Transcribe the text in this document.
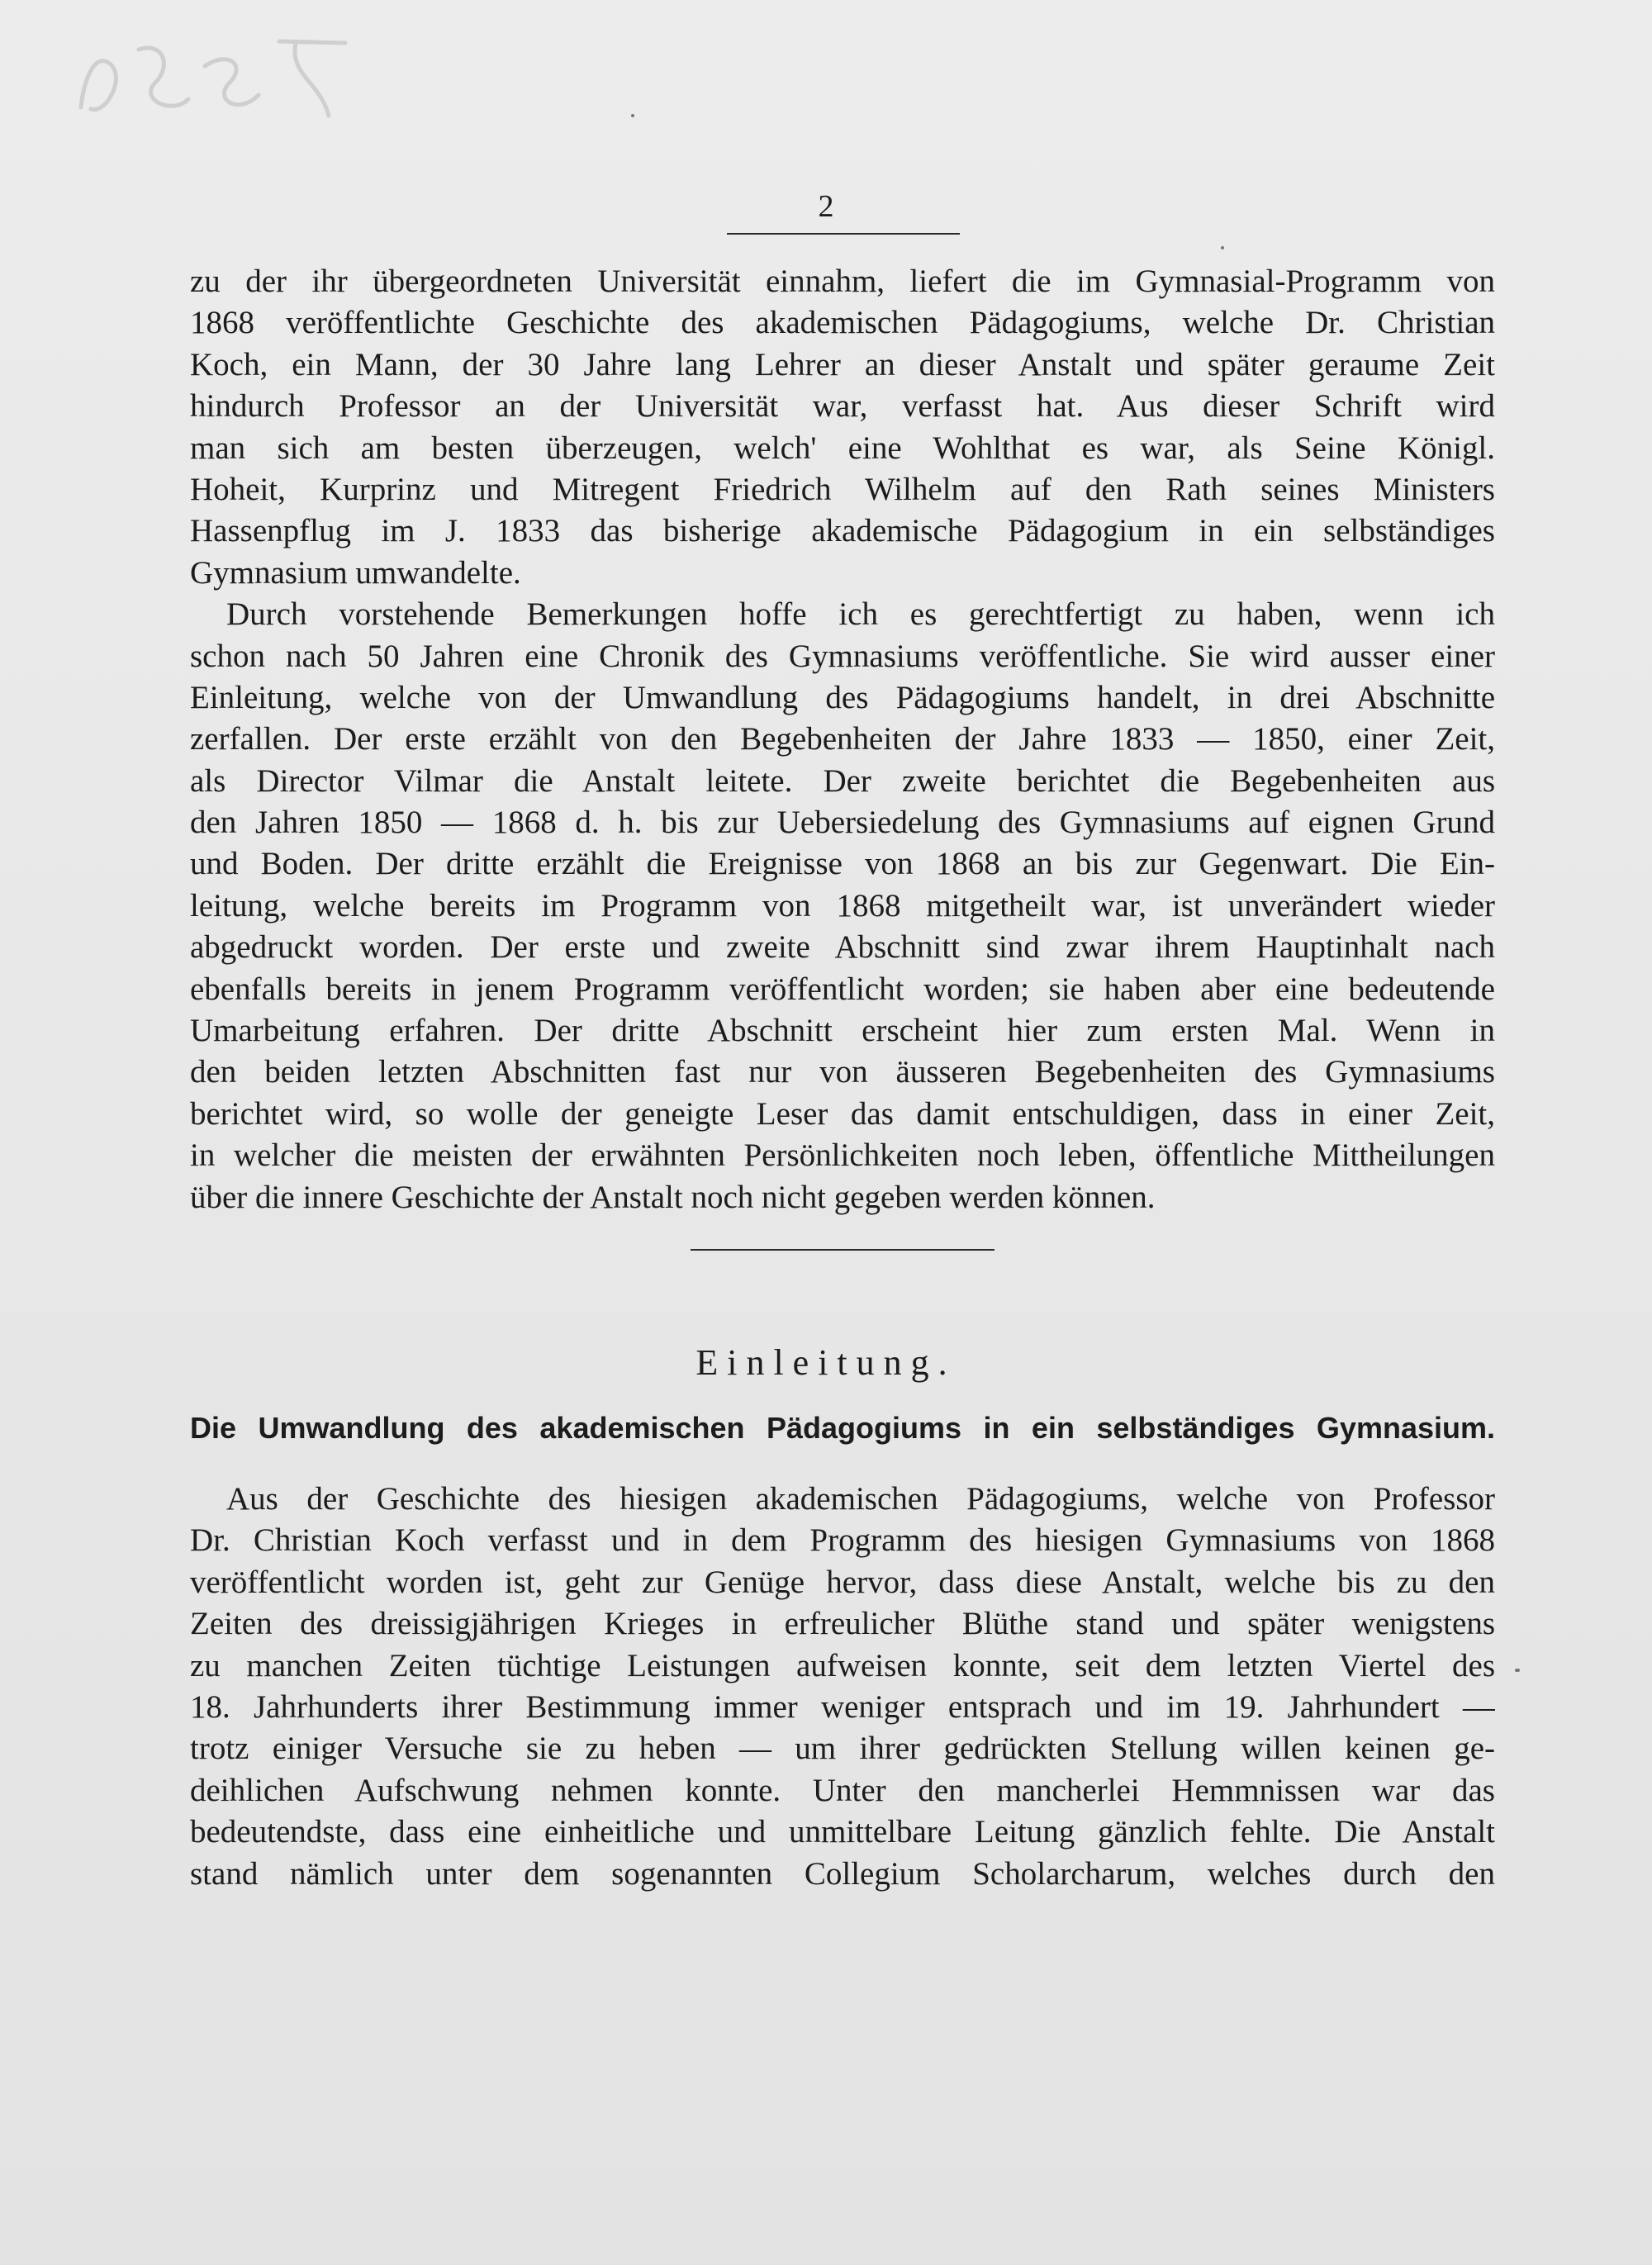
2
zu der ihr übergeordneten Universität einnahm, liefert die im Gymnasial-Programm von
1868 veröffentlichte Geschichte des akademischen Pädagogiums, welche Dr. Christian
Koch, ein Mann, der 30 Jahre lang Lehrer an dieser Anstalt und später geraume Zeit
hindurch Professor an der Universität war, verfasst hat. Aus dieser Schrift wird
man sich am besten überzeugen, welch' eine Wohlthat es war, als Seine Königl.
Hoheit, Kurprinz und Mitregent Friedrich Wilhelm auf den Rath seines Ministers
Hassenpflug im J. 1833 das bisherige akademische Pädagogium in ein selbständiges
Gymnasium umwandelte.
Durch vorstehende Bemerkungen hoffe ich es gerechtfertigt zu haben, wenn ich
schon nach 50 Jahren eine Chronik des Gymnasiums veröffentliche. Sie wird ausser einer
Einleitung, welche von der Umwandlung des Pädagogiums handelt, in drei Abschnitte
zerfallen. Der erste erzählt von den Begebenheiten der Jahre 1833 — 1850, einer Zeit,
als Director Vilmar die Anstalt leitete. Der zweite berichtet die Begebenheiten aus
den Jahren 1850 — 1868 d. h. bis zur Uebersiedelung des Gymnasiums auf eignen Grund
und Boden. Der dritte erzählt die Ereignisse von 1868 an bis zur Gegenwart. Die Ein-
leitung, welche bereits im Programm von 1868 mitgetheilt war, ist unverändert wieder
abgedruckt worden. Der erste und zweite Abschnitt sind zwar ihrem Hauptinhalt nach
ebenfalls bereits in jenem Programm veröffentlicht worden; sie haben aber eine bedeutende
Umarbeitung erfahren. Der dritte Abschnitt erscheint hier zum ersten Mal. Wenn in
den beiden letzten Abschnitten fast nur von äusseren Begebenheiten des Gymnasiums
berichtet wird, so wolle der geneigte Leser das damit entschuldigen, dass in einer Zeit,
in welcher die meisten der erwähnten Persönlichkeiten noch leben, öffentliche Mittheilungen
über die innere Geschichte der Anstalt noch nicht gegeben werden können.
Einleitung.
Die Umwandlung des akademischen Pädagogiums in ein selbständiges Gymnasium.
Aus der Geschichte des hiesigen akademischen Pädagogiums, welche von Professor
Dr. Christian Koch verfasst und in dem Programm des hiesigen Gymnasiums von 1868
veröffentlicht worden ist, geht zur Genüge hervor, dass diese Anstalt, welche bis zu den
Zeiten des dreissigjährigen Krieges in erfreulicher Blüthe stand und später wenigstens
zu manchen Zeiten tüchtige Leistungen aufweisen konnte, seit dem letzten Viertel des
18. Jahrhunderts ihrer Bestimmung immer weniger entsprach und im 19. Jahrhundert —
trotz einiger Versuche sie zu heben — um ihrer gedrückten Stellung willen keinen ge-
deihlichen Aufschwung nehmen konnte. Unter den mancherlei Hemmnissen war das
bedeutendste, dass eine einheitliche und unmittelbare Leitung gänzlich fehlte. Die Anstalt
stand nämlich unter dem sogenannten Collegium Scholarcharum, welches durch den
